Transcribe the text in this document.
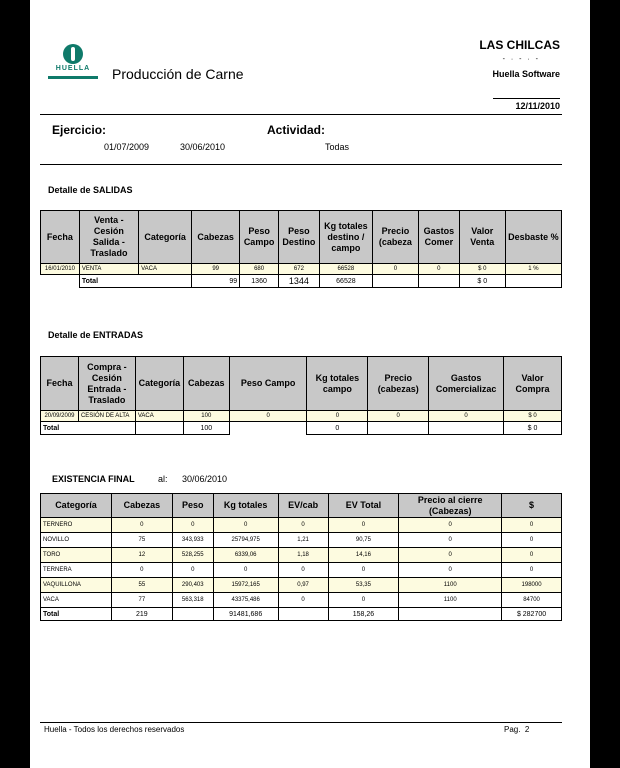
HUELLA	Producción de Carne
LAS CHILCAS
- · - · -
Huella Software
12/11/2010
Ejercicio:
01/07/2009	30/06/2010
Actividad:
Todas
Detalle de SALIDAS
Fecha	Venta - Cesión Salida - Traslado	Categoría	Cabezas	Peso Campo	Peso Destino	Kg totales destino / campo	Precio (cabeza	Gastos Comer	Valor Venta	Desbaste %
16/01/2010	VENTA	VACA	99	680	672	66528	0	0	$ 0	1 %
	Total		99	1360	1344	66528			$ 0	
Detalle de ENTRADAS
Fecha	Compra - Cesión Entrada - Traslado	Categoría	Cabezas	Peso Campo	Kg totales campo	Precio (cabezas)	Gastos Comercializac	Valor Compra
20/09/2009	CESIÓN DE ALTA	VACA	100	0	0	0	0	$ 0
Total			100		0			$ 0
EXISTENCIA FINAL	al: 30/06/2010
Categoría	Cabezas	Peso	Kg totales	EV/cab	EV Total	Precio al cierre (Cabezas)	$
TERNERO	0	0	0	0	0	0	0
NOVILLO	75	343,933	25794,975	1,21	90,75	0	0
TORO	12	528,255	6339,06	1,18	14,16	0	0
TERNERA	0	0	0	0	0	0	0
VAQUILLONA	55	290,403	15972,165	0,97	53,35	1100	198000
VACA	77	563,318	43375,486	0	0	1100	84700
Total	219		91481,686		158,26		$ 282700
Huella - Todos los derechos reservados	Pag. 2
